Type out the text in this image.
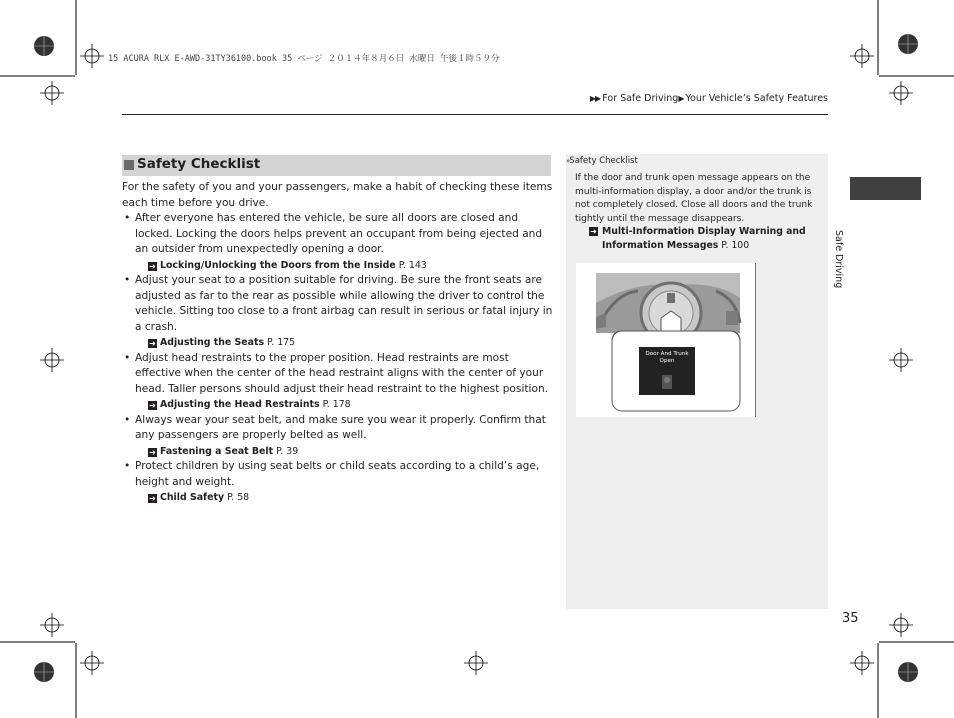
15 ACURA RLX E-AWD-31TY36100.book 35 ページ ２０１４年８月６日 水曜日 午後１時５９分
▶▶ For Safe Driving▶ Your Vehicle’s Safety Features
Safety Checklist

For the safety of you and your passengers, make a habit of checking these items each time before you drive.

• After everyone has entered the vehicle, be sure all doors are closed and locked. Locking the doors helps prevent an occupant from being ejected and an outsider from unexpectedly opening a door.
➜ Locking/Unlocking the Doors from the Inside P. 143
• Adjust your seat to a position suitable for driving. Be sure the front seats are adjusted as far to the rear as possible while allowing the driver to control the vehicle. Sitting too close to a front airbag can result in serious or fatal injury in a crash.
➜ Adjusting the Seats P. 175
• Adjust head restraints to the proper position. Head restraints are most effective when the center of the head restraint aligns with the center of your head. Taller persons should adjust their head restraint to the highest position.
➜ Adjusting the Head Restraints P. 178
• Always wear your seat belt, and make sure you wear it properly. Confirm that any passengers are properly belted as well.
➜ Fastening a Seat Belt P. 39
• Protect children by using seat belts or child seats according to a child’s age, height and weight.
➜ Child Safety P. 58
»Safety Checklist
If the door and trunk open message appears on the multi-information display, a door and/or the trunk is not completely closed. Close all doors and the trunk tightly until the message disappears.
➜ Multi-Information Display Warning and Information Messages P. 100
Door And Trunk Open
Safe Driving
35
